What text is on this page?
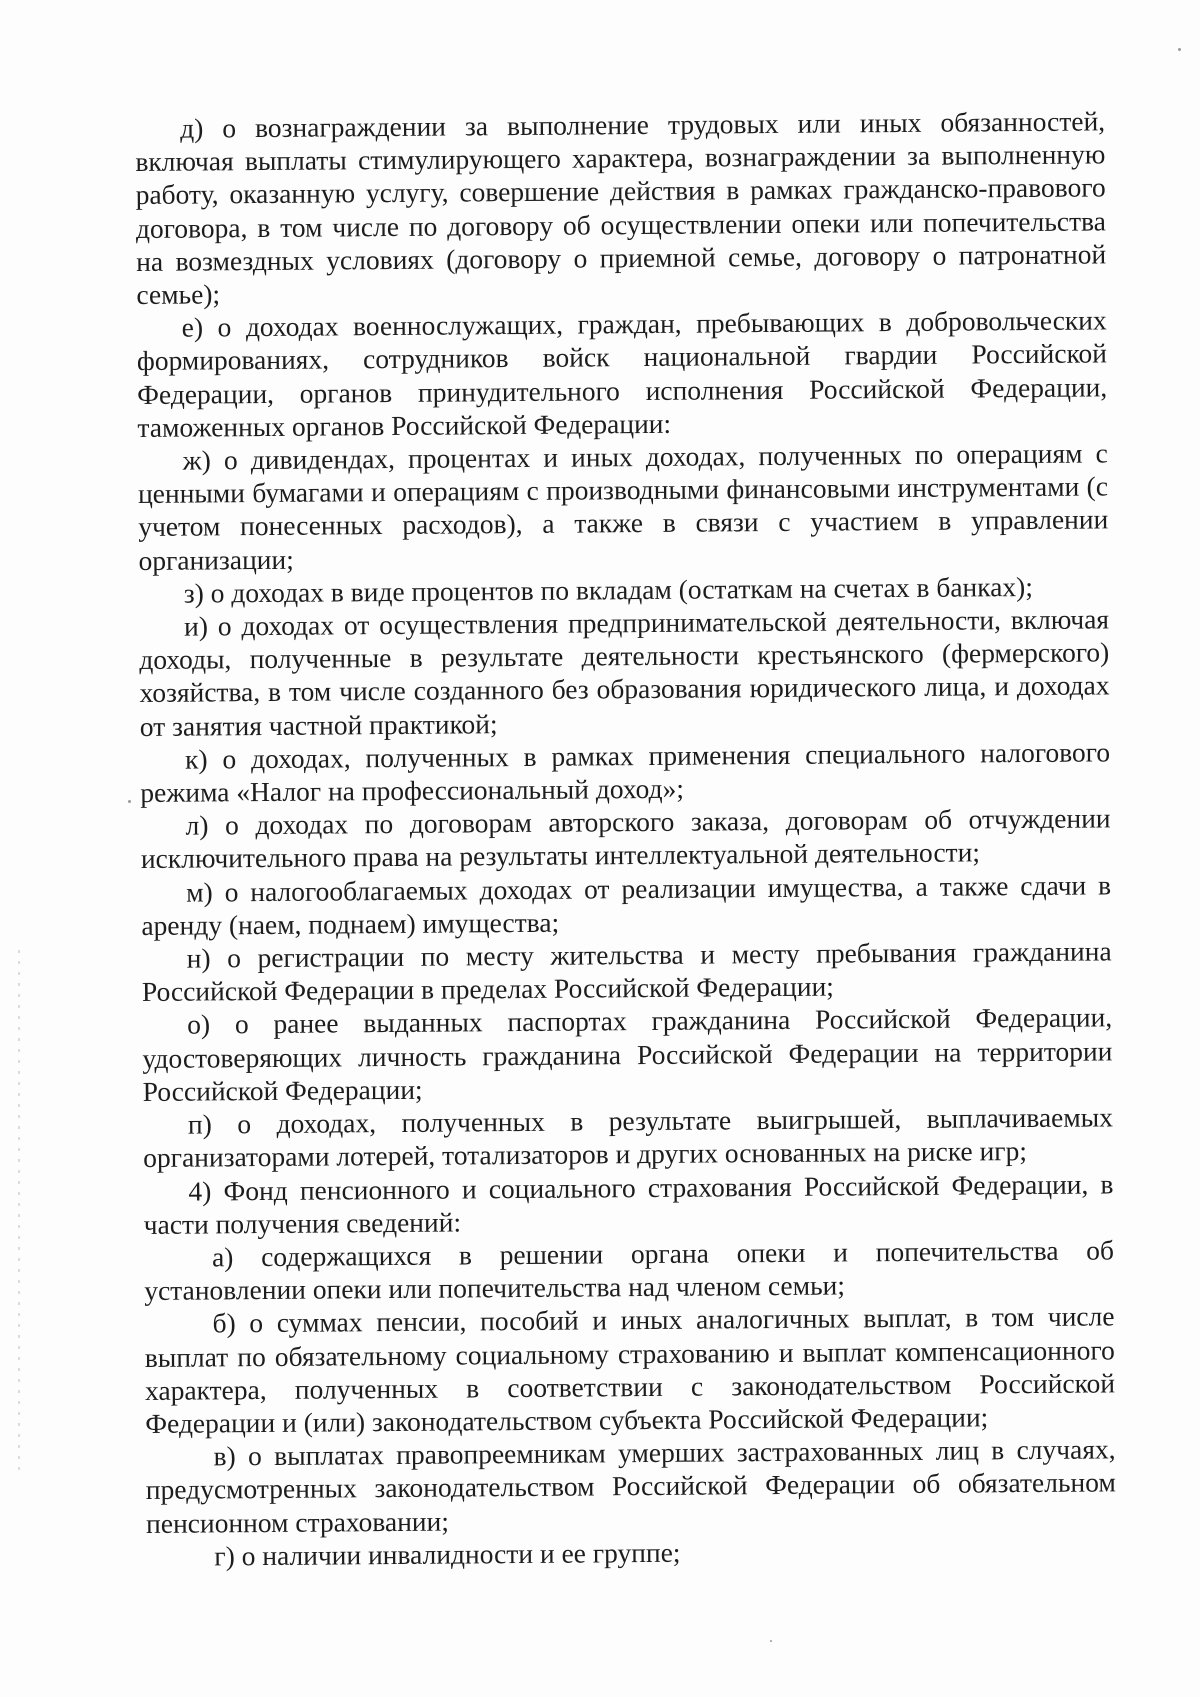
д) о вознаграждении за выполнение трудовых или иных обязанностей, включая выплаты стимулирующего характера, вознаграждении за выполненную работу, оказанную услугу, совершение действия в рамках гражданско-правового договора, в том числе по договору об осуществлении опеки или попечительства на возмездных условиях (договору о приемной семье, договору о патронатной семье);

е) о доходах военнослужащих, граждан, пребывающих в добровольческих формированиях, сотрудников войск национальной гвардии Российской Федерации, органов принудительного исполнения Российской Федерации, таможенных органов Российской Федерации:

ж) о дивидендах, процентах и иных доходах, полученных по операциям с ценными бумагами и операциям с производными финансовыми инструментами (с учетом понесенных расходов), а также в связи с участием в управлении организации;

з) о доходах в виде процентов по вкладам (остаткам на счетах в банках);

и) о доходах от осуществления предпринимательской деятельности, включая доходы, полученные в результате деятельности крестьянского (фермерского) хозяйства, в том числе созданного без образования юридического лица, и доходах от занятия частной практикой;

к) о доходах, полученных в рамках применения специального налогового режима «Налог на профессиональный доход»;

л) о доходах по договорам авторского заказа, договорам об отчуждении исключительного права на результаты интеллектуальной деятельности;

м) о налогооблагаемых доходах от реализации имущества, а также сдачи в аренду (наем, поднаем) имущества;

н) о регистрации по месту жительства и месту пребывания гражданина Российской Федерации в пределах Российской Федерации;

о) о ранее выданных паспортах гражданина Российской Федерации, удостоверяющих личность гражданина Российской Федерации на территории Российской Федерации;

п) о доходах, полученных в результате выигрышей, выплачиваемых организаторами лотерей, тотализаторов и других основанных на риске игр;

4) Фонд пенсионного и социального страхования Российской Федерации, в части получения сведений:

а) содержащихся в решении органа опеки и попечительства об установлении опеки или попечительства над членом семьи;

б) о суммах пенсии, пособий и иных аналогичных выплат, в том числе выплат по обязательному социальному страхованию и выплат компенсационного характера, полученных в соответствии с законодательством Российской Федерации и (или) законодательством субъекта Российской Федерации;

в) о выплатах правопреемникам умерших застрахованных лиц в случаях, предусмотренных законодательством Российской Федерации об обязательном пенсионном страховании;

г) о наличии инвалидности и ее группе;
